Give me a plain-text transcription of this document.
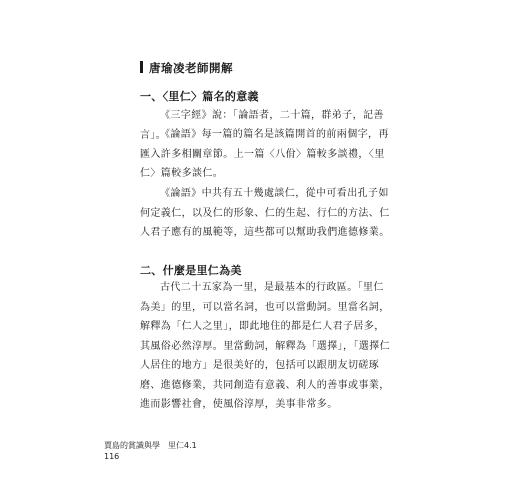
唐瑜凌老師開解
一、〈里仁〉篇名的意義

《三字經》說：「論語者，二十篇，群弟子，記善言」。

《論語》每一篇的篇名是該篇開首的前兩個字，再匯入許多相關章節。上一篇〈八佾〉篇較多談禮，〈里仁〉篇較多談仁。

《論語》中共有五十幾處談仁，從中可看出孔子如何定義仁，以及仁的形象、仁的生起、行仁的方法、仁人君子應有的風範等，這些都可以幫助我們進德修業。

二、什麼是里仁為美

古代二十五家為一里，是最基本的行政區。「里仁為美」的里，可以當名詞，也可以當動詞。里當名詞，解釋為「仁人之里」，即此地住的都是仁人君子居多，其風俗必然淳厚。里當動詞，解釋為「選擇」，「選擇仁人居住的地方」是很美好的，包括可以跟朋友切磋琢磨、進德修業，共同創造有意義、利人的善事或事業，進而影響社會，使風俗淳厚，美事非常多。

賈島的賞識與學　里仁4.1
116
